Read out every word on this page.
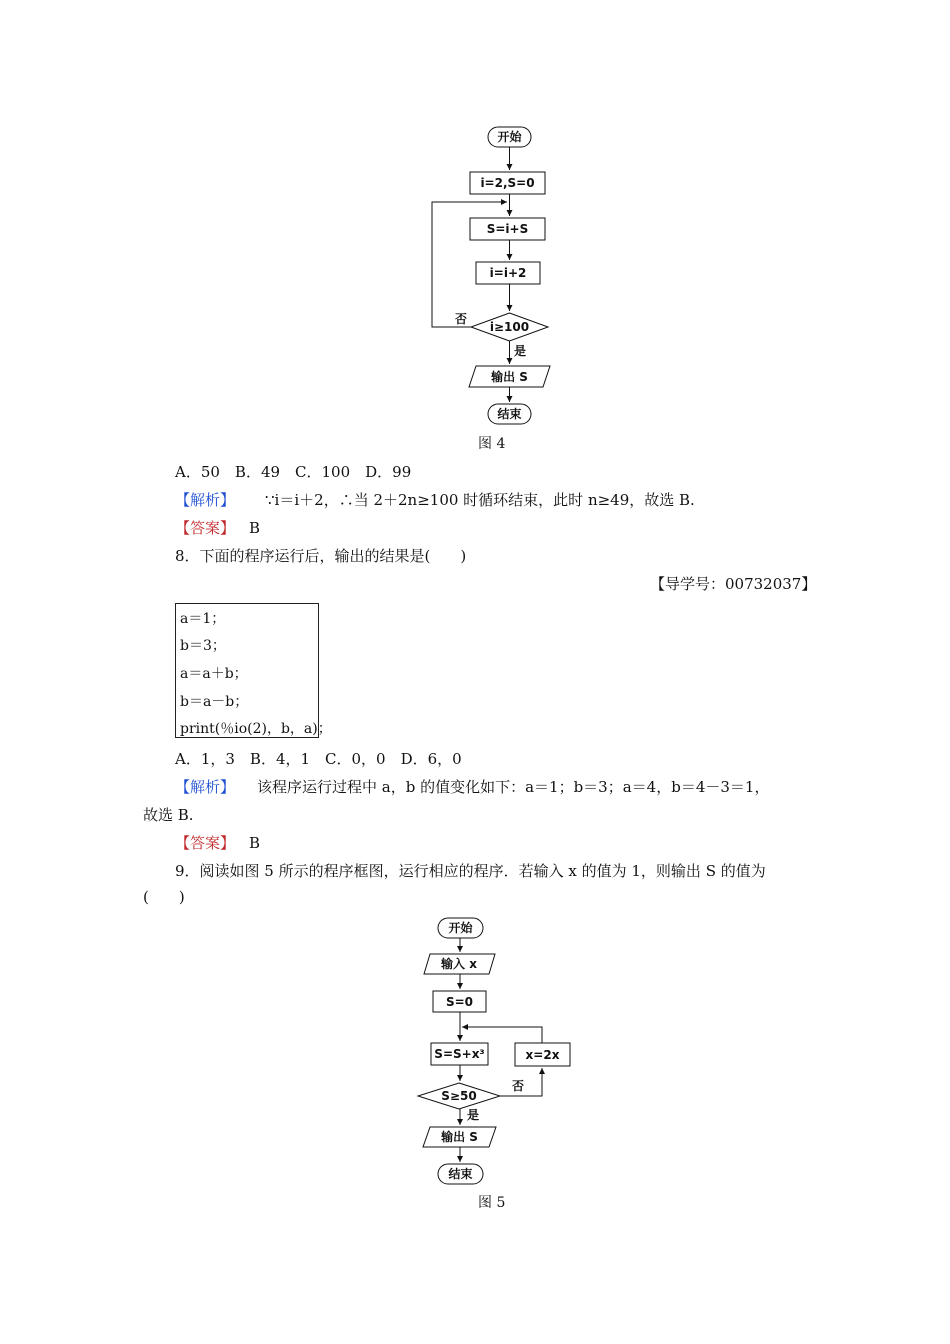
开始
i=2,S=0
S=i+S
i=i+2
i≥100
否
是
输出 S
结束
图 4
A．50　B．49　C．100　D．99
【解析】 ∵i＝i＋2，∴当 2＋2n≥100 时循环结束，此时 n≥49，故选 B.
【答案】 B
8．下面的程序运行后，输出的结果是(　　)
【导学号：00732037】
a＝1；
b＝3；
a＝a＋b；
b＝a－b；
print(％io(2)，b，a)；
A．1，3　B．4，1　C．0，0　D．6，0
【解析】 该程序运行过程中 a，b 的值变化如下：a＝1；b＝3；a＝4，b＝4－3＝1，
故选 B.
【答案】 B
9．阅读如图 5 所示的程序框图，运行相应的程序．若输入 x 的值为 1，则输出 S 的值为
(　　)
开始
输入 x
S=0
S=S+x³
S≥50
否
x=2x
是
输出 S
结束
图 5
